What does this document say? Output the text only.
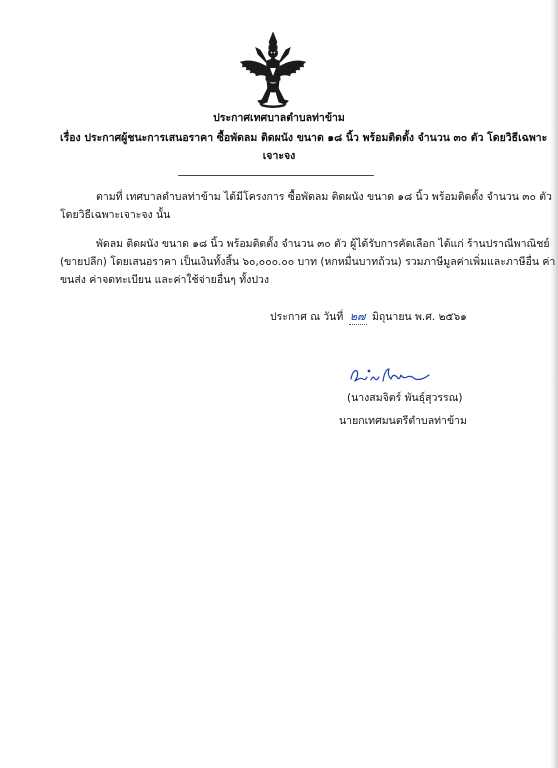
ประกาศเทศบาลตำบลท่าข้าม
เรื่อง ประกาศผู้ชนะการเสนอราคา ซื้อพัดลม ติดผนัง ขนาด ๑๘ นิ้ว พร้อมติดตั้ง จำนวน ๓๐ ตัว โดยวิธีเฉพาะ
เจาะจง
ตามที่ เทศบาลตำบลท่าข้าม ได้มีโครงการ ซื้อพัดลม ติดผนัง ขนาด ๑๘ นิ้ว พร้อมติดตั้ง จำนวน ๓๐ ตัว
โดยวิธีเฉพาะเจาะจง นั้น
พัดลม ติดผนัง ขนาด ๑๘ นิ้ว พร้อมติดตั้ง จำนวน ๓๐ ตัว ผู้ได้รับการคัดเลือก ได้แก่ ร้านปราณีพาณิชย์
(ขายปลีก) โดยเสนอราคา เป็นเงินทั้งสิ้น ๖๐,๐๐๐.๐๐ บาท (หกหมื่นบาทถ้วน) รวมภาษีมูลค่าเพิ่มและภาษีอื่น ค่า
ขนส่ง ค่าจดทะเบียน และค่าใช้จ่ายอื่นๆ ทั้งปวง
ประกาศ ณ วันที่ ๒๗ มิถุนายน พ.ศ. ๒๕๖๑
(นางสมจิตร์ พันธุ์สุวรรณ)
นายกเทศมนตรีตำบลท่าข้าม
